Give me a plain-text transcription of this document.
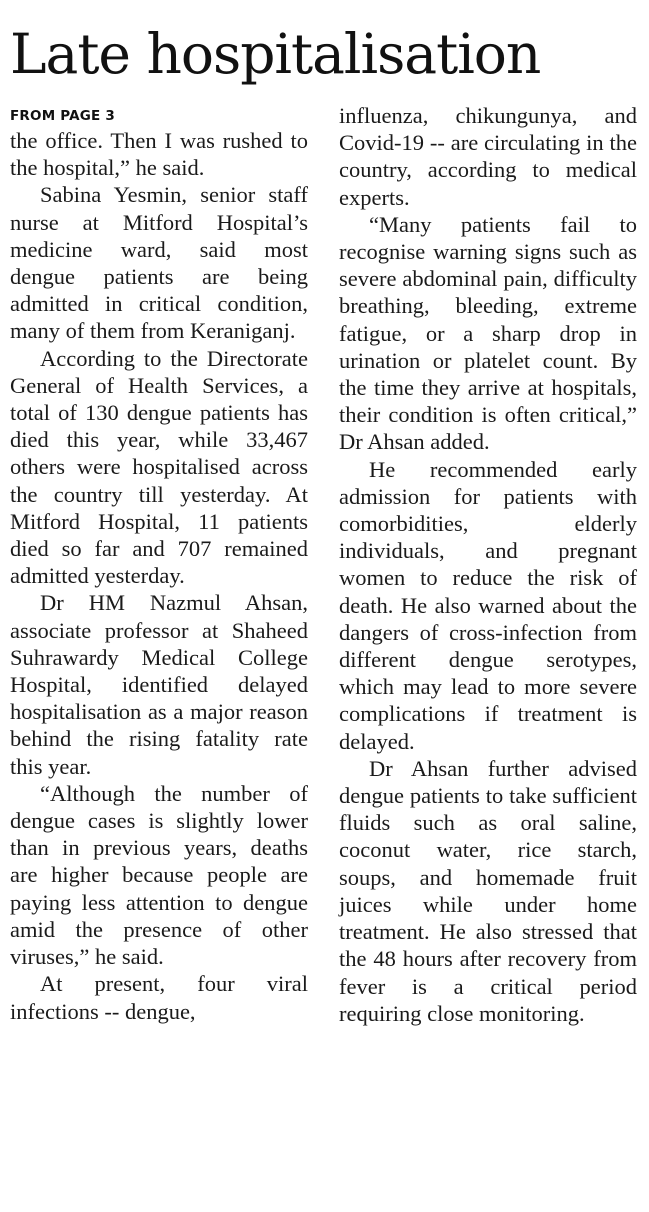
Late hospitalisation
FROM PAGE 3

the office. Then I was rushed to the hospital,” he said.

Sabina Yesmin, senior staff nurse at Mitford Hospital’s medicine ward, said most dengue patients are being admitted in critical condition, many of them from Keraniganj.

According to the Directorate General of Health Services, a total of 130 dengue patients has died this year, while 33,467 others were hospitalised across the country till yesterday. At Mitford Hospital, 11 patients died so far and 707 remained admitted yesterday.

Dr HM Nazmul Ahsan, associate professor at Shaheed Suhrawardy Medical College Hospital, identified delayed hospitalisation as a major reason behind the rising fatality rate this year.

“Although the number of dengue cases is slightly lower than in previous years, deaths are higher because people are paying less attention to dengue amid the presence of other viruses,” he said.

At present, four viral infections -- dengue,

influenza, chikungunya, and Covid-19 -- are circulating in the country, according to medical experts.

“Many patients fail to recognise warning signs such as severe abdominal pain, difficulty breathing, bleeding, extreme fatigue, or a sharp drop in urination or platelet count. By the time they arrive at hospitals, their condition is often critical,” Dr Ahsan added.

He recommended early admission for patients with comorbidities, elderly individuals, and pregnant women to reduce the risk of death. He also warned about the dangers of cross-infection from different dengue serotypes, which may lead to more severe complications if treatment is delayed.

Dr Ahsan further advised dengue patients to take sufficient fluids such as oral saline, coconut water, rice starch, soups, and homemade fruit juices while under home treatment. He also stressed that the 48 hours after recovery from fever is a critical period requiring close monitoring.
